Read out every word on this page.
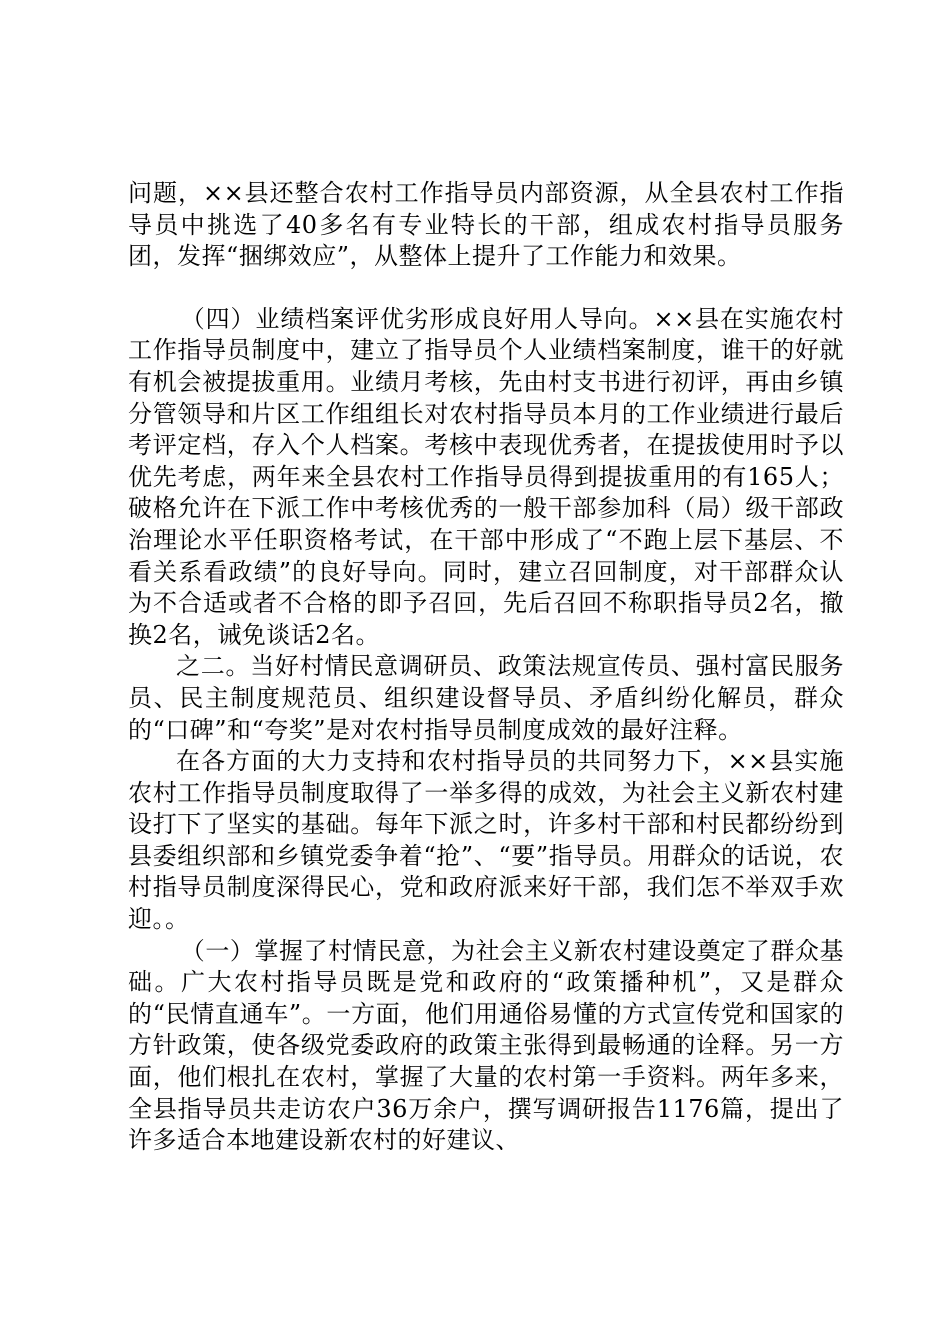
问题，××县还整合农村工作指导员内部资源，从全县农村工作指导员中挑选了40多名有专业特长的干部，组成农村指导员服务团，发挥“捆绑效应”，从整体上提升了工作能力和效果。

（四）业绩档案评优劣形成良好用人导向。××县在实施农村工作指导员制度中，建立了指导员个人业绩档案制度，谁干的好就有机会被提拔重用。业绩月考核，先由村支书进行初评，再由乡镇分管领导和片区工作组组长对农村指导员本月的工作业绩进行最后考评定档，存入个人档案。考核中表现优秀者，在提拔使用时予以优先考虑，两年来全县农村工作指导员得到提拔重用的有165人；破格允许在下派工作中考核优秀的一般干部参加科（局）级干部政治理论水平任职资格考试，在干部中形成了“不跑上层下基层、不看关系看政绩”的良好导向。同时，建立召回制度，对干部群众认为不合适或者不合格的即予召回，先后召回不称职指导员2名，撤换2名，诫免谈话2名。

之二。当好村情民意调研员、政策法规宣传员、强村富民服务员、民主制度规范员、组织建设督导员、矛盾纠纷化解员，群众的“口碑”和“夸奖”是对农村指导员制度成效的最好注释。

在各方面的大力支持和农村指导员的共同努力下，××县实施农村工作指导员制度取得了一举多得的成效，为社会主义新农村建设打下了坚实的基础。每年下派之时，许多村干部和村民都纷纷到县委组织部和乡镇党委争着“抢”、“要”指导员。用群众的话说，农村指导员制度深得民心，党和政府派来好干部，我们怎不举双手欢迎。。

（一）掌握了村情民意，为社会主义新农村建设奠定了群众基础。广大农村指导员既是党和政府的“政策播种机”，又是群众的“民情直通车”。一方面，他们用通俗易懂的方式宣传党和国家的方针政策，使各级党委政府的政策主张得到最畅通的诠释。另一方面，他们根扎在农村，掌握了大量的农村第一手资料。两年多来，全县指导员共走访农户36万余户，撰写调研报告1176篇，提出了许多适合本地建设新农村的好建议、
